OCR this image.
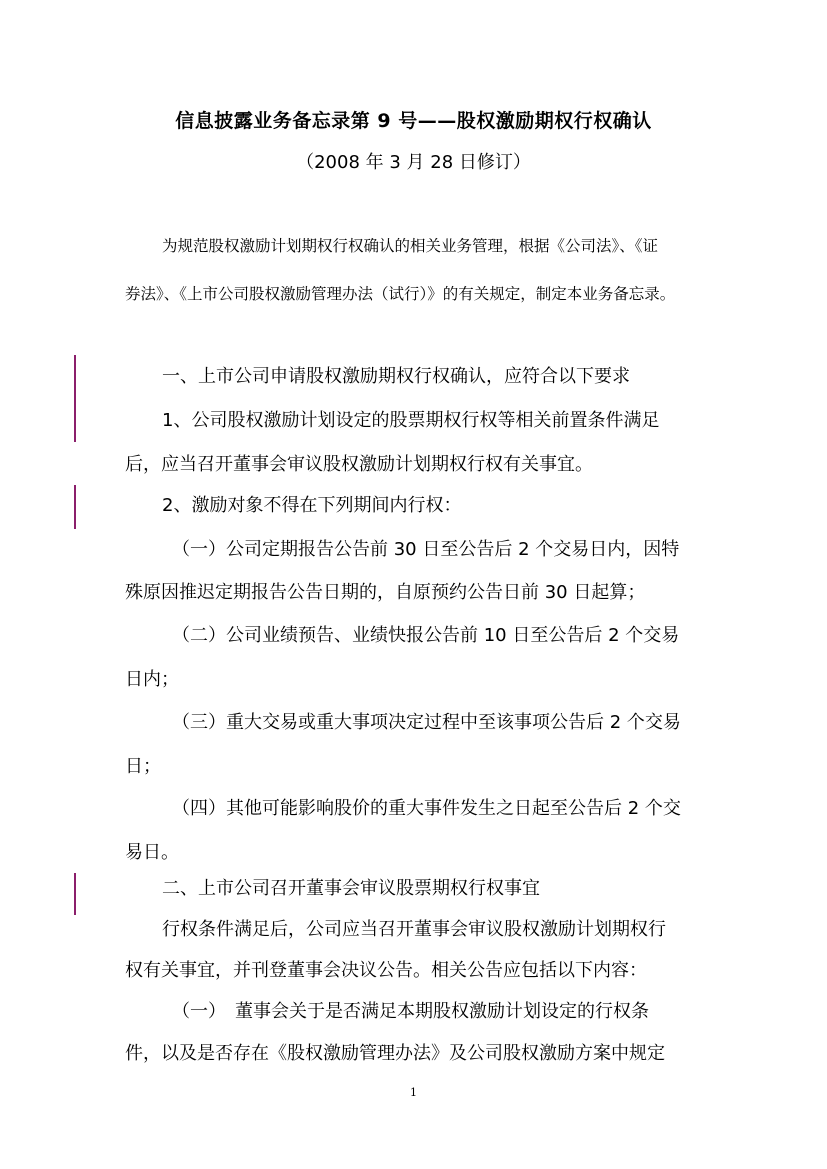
信息披露业务备忘录第 9 号——股权激励期权行权确认
（2008 年 3 月 28 日修订）
为规范股权激励计划期权行权确认的相关业务管理，根据《公司法》、《证
券法》、《上市公司股权激励管理办法（试行）》的有关规定，制定本业务备忘录。
一、上市公司申请股权激励期权行权确认，应符合以下要求
1、公司股权激励计划设定的股票期权行权等相关前置条件满足
后，应当召开董事会审议股权激励计划期权行权有关事宜。
2、激励对象不得在下列期间内行权：
（一）公司定期报告公告前 30 日至公告后 2 个交易日内，因特
殊原因推迟定期报告公告日期的，自原预约公告日前 30 日起算；
（二）公司业绩预告、业绩快报公告前 10 日至公告后 2 个交易
日内；
（三）重大交易或重大事项决定过程中至该事项公告后 2 个交易
日；
（四）其他可能影响股价的重大事件发生之日起至公告后 2 个交
易日。
二、上市公司召开董事会审议股票期权行权事宜
行权条件满足后，公司应当召开董事会审议股权激励计划期权行
权有关事宜，并刊登董事会决议公告。相关公告应包括以下内容：
（一）　董事会关于是否满足本期股权激励计划设定的行权条
件，以及是否存在《股权激励管理办法》及公司股权激励方案中规定
1
